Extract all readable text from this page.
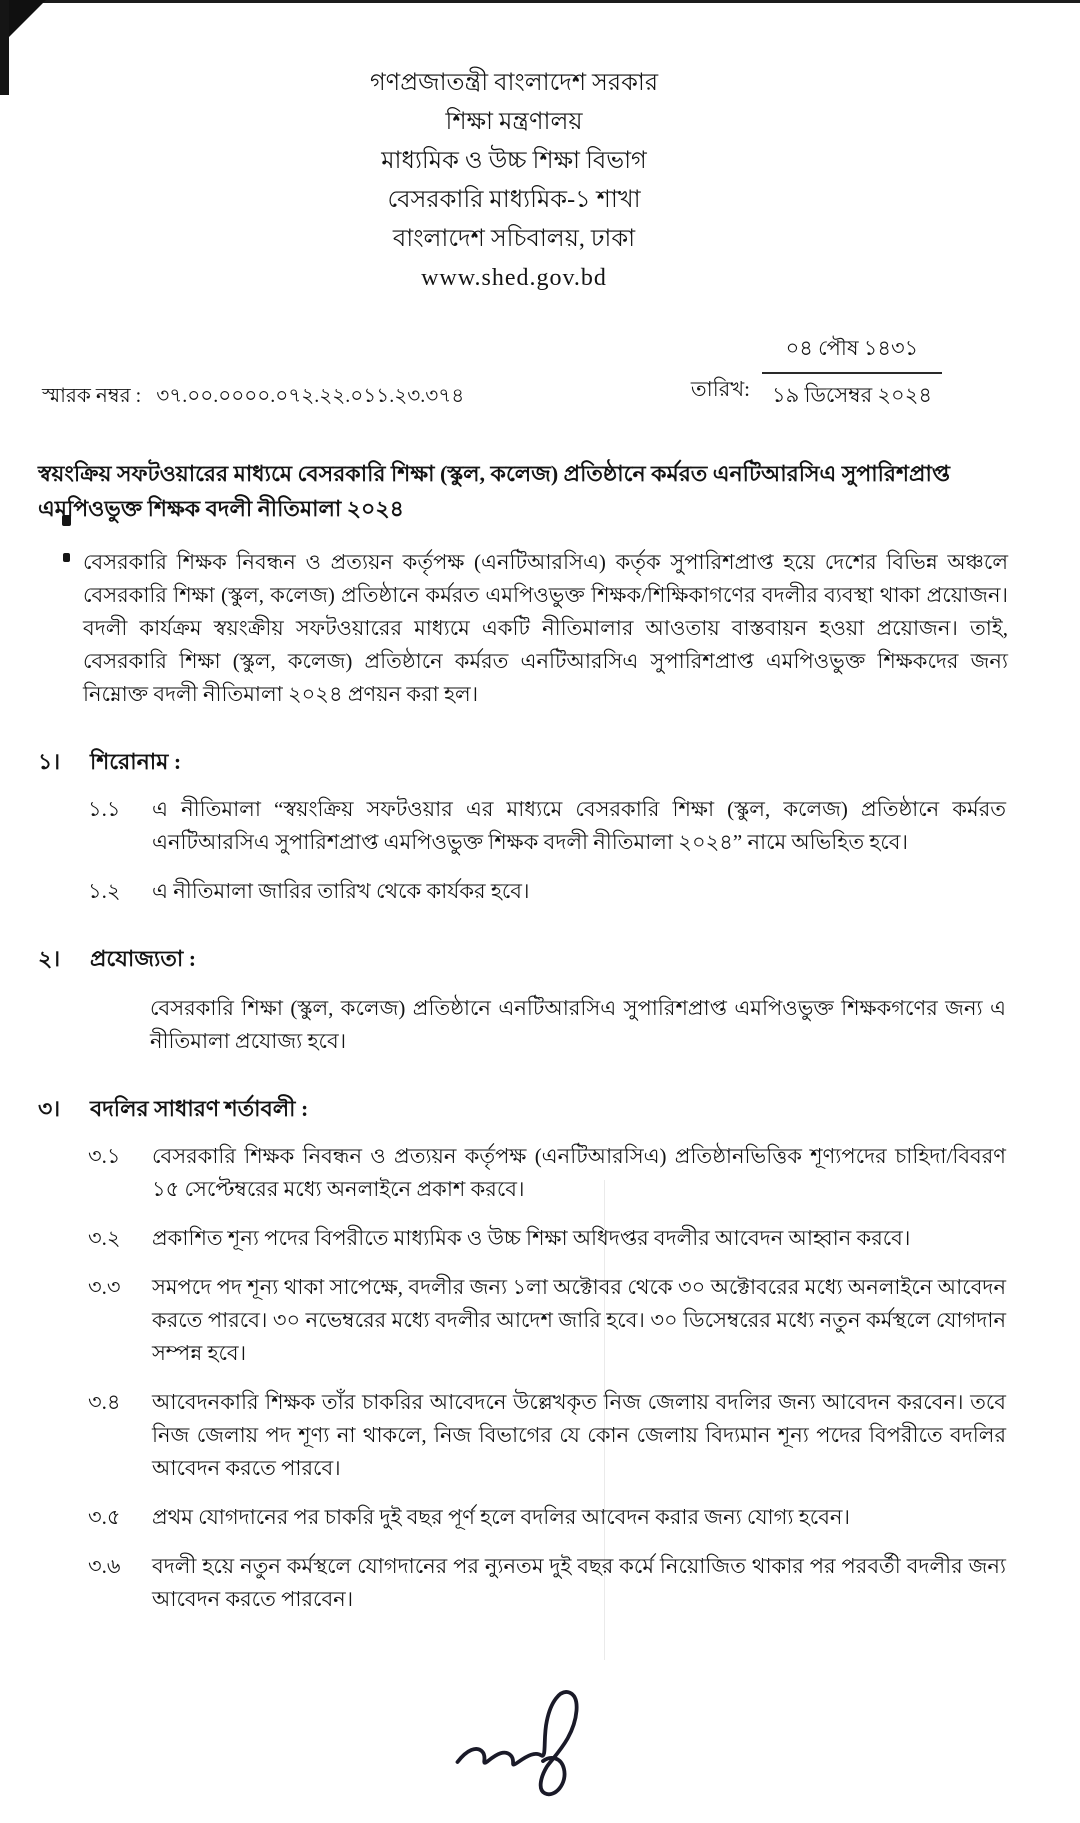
গণপ্রজাতন্ত্রী বাংলাদেশ সরকার
শিক্ষা মন্ত্রণালয়
মাধ্যমিক ও উচ্চ শিক্ষা বিভাগ
বেসরকারি মাধ্যমিক-১ শাখা
বাংলাদেশ সচিবালয়, ঢাকা
www.shed.gov.bd
স্মারক নম্বর : ৩৭.০০.০০০০.০৭২.২২.০১১.২৩.৩৭৪	তারিখ:
০৪ পৌষ ১৪৩১
১৯ ডিসেম্বর ২০২৪
স্বয়ংক্রিয় সফটওয়ারের মাধ্যমে বেসরকারি শিক্ষা (স্কুল, কলেজ) প্রতিষ্ঠানে কর্মরত এনটিআরসিএ সুপারিশপ্রাপ্ত এমপিওভুক্ত শিক্ষক বদলী নীতিমালা ২০২৪
বেসরকারি শিক্ষক নিবন্ধন ও প্রত্যয়ন কর্তৃপক্ষ (এনটিআরসিএ) কর্তৃক সুপারিশপ্রাপ্ত হয়ে দেশের বিভিন্ন অঞ্চলে বেসরকারি শিক্ষা (স্কুল, কলেজ) প্রতিষ্ঠানে কর্মরত এমপিওভুক্ত শিক্ষক/শিক্ষিকাগণের বদলীর ব্যবস্থা থাকা প্রয়োজন। বদলী কার্যক্রম স্বয়ংক্রীয় সফটওয়ারের মাধ্যমে একটি নীতিমালার আওতায় বাস্তবায়ন হওয়া প্রয়োজন। তাই, বেসরকারি শিক্ষা (স্কুল, কলেজ) প্রতিষ্ঠানে কর্মরত এনটিআরসিএ সুপারিশপ্রাপ্ত এমপিওভুক্ত শিক্ষকদের জন্য নিম্নোক্ত বদলী নীতিমালা ২০২৪ প্রণয়ন করা হল।
১।	শিরোনাম :
১.১	এ নীতিমালা “স্বয়ংক্রিয় সফটওয়ার এর মাধ্যমে বেসরকারি শিক্ষা (স্কুল, কলেজ) প্রতিষ্ঠানে কর্মরত এনটিআরসিএ সুপারিশপ্রাপ্ত এমপিওভুক্ত শিক্ষক বদলী নীতিমালা ২০২৪” নামে অভিহিত হবে।
১.২	এ নীতিমালা জারির তারিখ থেকে কার্যকর হবে।
২।	প্রযোজ্যতা :
বেসরকারি শিক্ষা (স্কুল, কলেজ) প্রতিষ্ঠানে এনটিআরসিএ সুপারিশপ্রাপ্ত এমপিওভুক্ত শিক্ষকগণের জন্য এ নীতিমালা প্রযোজ্য হবে।
৩।	বদলির সাধারণ শর্তাবলী :
৩.১	বেসরকারি শিক্ষক নিবন্ধন ও প্রত্যয়ন কর্তৃপক্ষ (এনটিআরসিএ) প্রতিষ্ঠানভিত্তিক শূণ্যপদের চাহিদা/বিবরণ ১৫ সেপ্টেম্বরের মধ্যে অনলাইনে প্রকাশ করবে।
৩.২	প্রকাশিত শূন্য পদের বিপরীতে মাধ্যমিক ও উচ্চ শিক্ষা অধিদপ্তর বদলীর আবেদন আহ্বান করবে।
৩.৩	সমপদে পদ শূন্য থাকা সাপেক্ষে, বদলীর জন্য ১লা অক্টোবর থেকে ৩০ অক্টোবরের মধ্যে অনলাইনে আবেদন করতে পারবে। ৩০ নভেম্বরের মধ্যে বদলীর আদেশ জারি হবে। ৩০ ডিসেম্বরের মধ্যে নতুন কর্মস্থলে যোগদান সম্পন্ন হবে।
৩.৪	আবেদনকারি শিক্ষক তাঁর চাকরির আবেদনে উল্লেখকৃত নিজ জেলায় বদলির জন্য আবেদন করবেন। তবে নিজ জেলায় পদ শূণ্য না থাকলে, নিজ বিভাগের যে কোন জেলায় বিদ্যমান শূন্য পদের বিপরীতে বদলির আবেদন করতে পারবে।
৩.৫	প্রথম যোগদানের পর চাকরি দুই বছর পূর্ণ হলে বদলির আবেদন করার জন্য যোগ্য হবেন।
৩.৬	বদলী হয়ে নতুন কর্মস্থলে যোগদানের পর ন্যুনতম দুই বছর কর্মে নিয়োজিত থাকার পর পরবর্তী বদলীর জন্য আবেদন করতে পারবেন।
